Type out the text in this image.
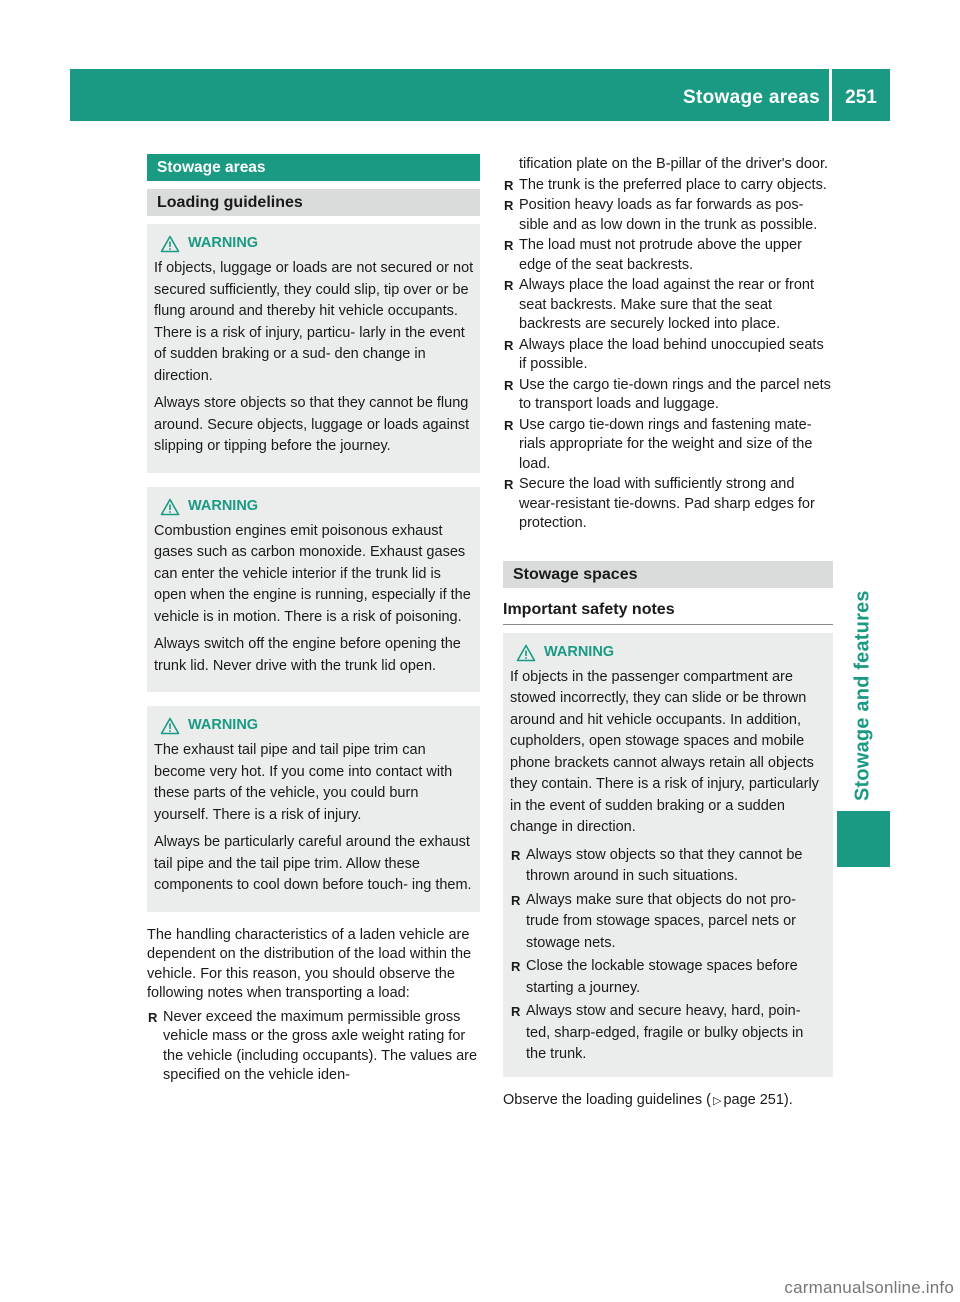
Stowage areas	251
Stowage and features
Stowage areas
Loading guidelines
WARNING

If objects, luggage or loads are not secured or not secured sufficiently, they could slip, tip over or be flung around and thereby hit vehicle occupants. There is a risk of injury, particu- larly in the event of sudden braking or a sud- den change in direction.

Always store objects so that they cannot be flung around. Secure objects, luggage or loads against slipping or tipping before the journey.

WARNING

Combustion engines emit poisonous exhaust gases such as carbon monoxide. Exhaust gases can enter the vehicle interior if the trunk lid is open when the engine is running, especially if the vehicle is in motion. There is a risk of poisoning.

Always switch off the engine before opening the trunk lid. Never drive with the trunk lid open.

WARNING

The exhaust tail pipe and tail pipe trim can become very hot. If you come into contact with these parts of the vehicle, you could burn yourself. There is a risk of injury.

Always be particularly careful around the exhaust tail pipe and the tail pipe trim. Allow these components to cool down before touch- ing them.

The handling characteristics of a laden vehicle are dependent on the distribution of the load within the vehicle. For this reason, you should observe the following notes when transporting a load:

R Never exceed the maximum permissible gross vehicle mass or the gross axle weight rating for the vehicle (including occupants). The values are specified on the vehicle iden-
tification plate on the B-pillar of the driver's door.
R The trunk is the preferred place to carry objects.
R Position heavy loads as far forwards as pos- sible and as low down in the trunk as possible.
R The load must not protrude above the upper edge of the seat backrests.
R Always place the load against the rear or front seat backrests. Make sure that the seat backrests are securely locked into place.
R Always place the load behind unoccupied seats if possible.
R Use the cargo tie-down rings and the parcel nets to transport loads and luggage.
R Use cargo tie-down rings and fastening mate- rials appropriate for the weight and size of the load.
R Secure the load with sufficiently strong and wear-resistant tie-downs. Pad sharp edges for protection.
Stowage spaces
Important safety notes
WARNING

If objects in the passenger compartment are stowed incorrectly, they can slide or be thrown around and hit vehicle occupants. In addition, cupholders, open stowage spaces and mobile phone brackets cannot always retain all objects they contain. There is a risk of injury, particularly in the event of sudden braking or a sudden change in direction.

R Always stow objects so that they cannot be thrown around in such situations.
R Always make sure that objects do not pro- trude from stowage spaces, parcel nets or stowage nets.
R Close the lockable stowage spaces before starting a journey.
R Always stow and secure heavy, hard, poin- ted, sharp-edged, fragile or bulky objects in the trunk.

Observe the loading guidelines ( ▷ page 251).

carmanualsonline.info
